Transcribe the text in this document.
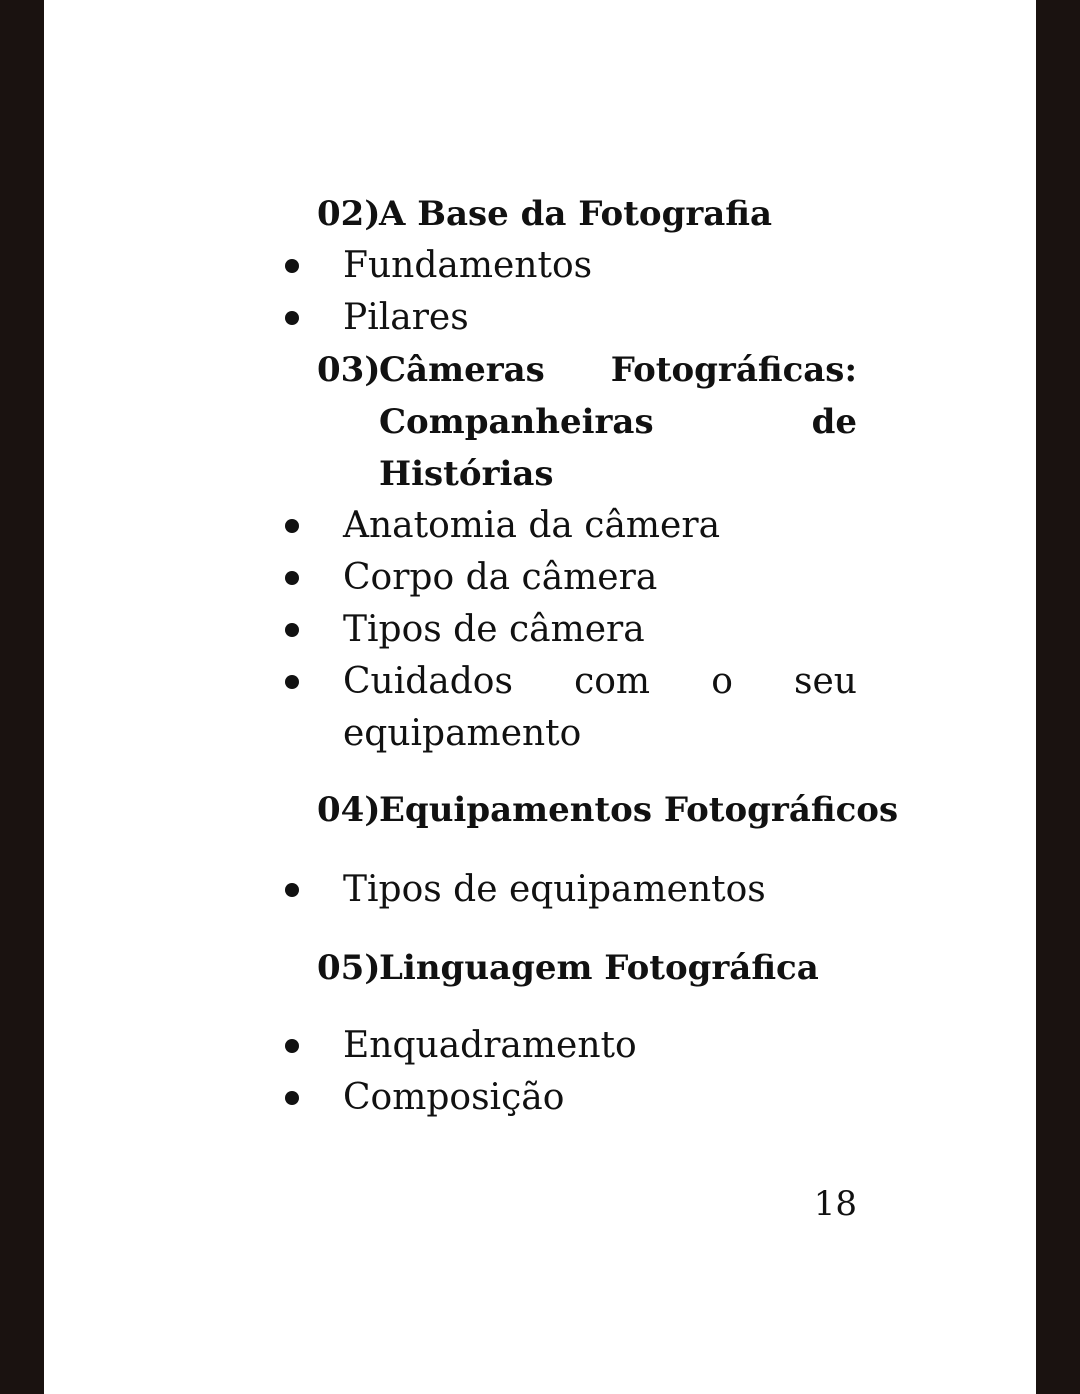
02)A Base da Fotografia
Fundamentos
Pilares
03)Câmeras Fotográficas:
Companheiras	de
Histórias
Anatomia da câmera
Corpo da câmera
Tipos de câmera
Cuidados com o seu
equipamento
04)Equipamentos Fotográficos
Tipos de equipamentos
05)Linguagem Fotográfica
Enquadramento
Composição
18
